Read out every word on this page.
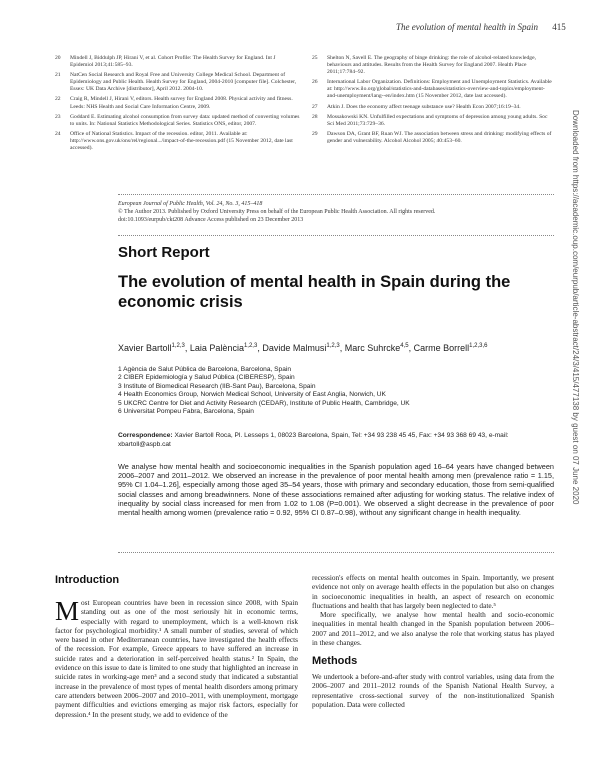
The evolution of mental health in Spain 415
Downloaded from https://academic.oup.com/eurpub/article-abstract/24/3/415/477138 by guest on 07 June 2020
20	Mindell J, Biddulph JP, Hirani V, et al. Cohort Profile: The Health Survey for England. Int J Epidemiol 2013;41:585–93.
21	NatCen Social Research and Royal Free and University College Medical School. Department of Epidemiology and Public Health. Health Survey for England, 2004-2010 [computer file]. Colchester, Essex: UK Data Archive [distributor], April 2012. 2004-10.
22	Craig R, Mindell J, Hirani V, editors. Health survey for England 2008. Physical activity and fitness. Leeds: NHS Health and Social Care Information Centre, 2009.
23	Goddard E. Estimating alcohol consumption from survey data: updated method of converting volumes to units. In: National Statistics Methodological Series. Statistics ONS, editor, 2007.
24	Office of National Statistics. Impact of the recession. editor, 2011. Available at: http://www.ons.gov.uk/ons/rel/regional.../impact-of-the-recession.pdf (15 November 2012, date last accessed).
25	Shelton N, Savell E. The geography of binge drinking: the role of alcohol-related knowledge, behaviours and attitudes. Results from the Health Survey for England 2007. Health Place 2011;17:784–92.
26	International Labor Organization. Definitions: Employment and Unemployment Statistics. Available at: http://www.ilo.org/global/statistics-and-databases/statistics-overview-and-topics/employment-and-unemployment/lang--en/index.htm (15 November 2012, date last accessed).
27	Atkin J. Does the economy affect teenage substance use? Health Econ 2007;16:19–34.
28	Mossakowski KN. Unfulfilled expectations and symptoms of depression among young adults. Soc Sci Med 2011;73:729–36.
29	Dawson DA, Grant BF, Ruan WJ. The association between stress and drinking: modifying effects of gender and vulnerability. Alcohol Alcohol 2005; 40:453–60.
European Journal of Public Health, Vol. 24, No. 3, 415–418
© The Author 2013. Published by Oxford University Press on behalf of the European Public Health Association. All rights reserved.
doi:10.1093/eurpub/ckt208 Advance Access published on 23 December 2013
Short Report
The evolution of mental health in Spain during the economic crisis
Xavier Bartoll$^{1,2,3}$, Laia Palència$^{1,2,3}$, Davide Malmusi$^{1,2,3}$, Marc Suhrcke$^{4,5}$, Carme Borrell$^{1,2,3,6}$
1 Agència de Salut Pública de Barcelona, Barcelona, Spain
2 CIBER Epidemiología y Salud Pública (CIBERESP), Spain
3 Institute of Biomedical Research (IIB-Sant Pau), Barcelona, Spain
4 Health Economics Group, Norwich Medical School, University of East Anglia, Norwich, UK
5 UKCRC Centre for Diet and Activity Research (CEDAR), Institute of Public Health, Cambridge, UK
6 Universitat Pompeu Fabra, Barcelona, Spain
Correspondence: Xavier Bartoll Roca, Pl. Lesseps 1, 08023 Barcelona, Spain, Tel: +34 93 238 45 45, Fax: +34 93 368 69 43, e-mail: xbartoll@aspb.cat
We analyse how mental health and socioeconomic inequalities in the Spanish population aged 16–64 years have changed between 2006–2007 and 2011–2012. We observed an increase in the prevalence of poor mental health among men (prevalence ratio = 1.15, 95% CI 1.04–1.26], especially among those aged 35–54 years, those with primary and secondary education, those from semi-qualified social classes and among breadwinners. None of these associations remained after adjusting for working status. The relative index of inequality by social class increased for men from 1.02 to 1.08 (P=0.001). We observed a slight decrease in the prevalence of poor mental health among women (prevalence ratio = 0.92, 95% CI 0.87–0.98), without any significant change in health inequality.
Introduction

Most European countries have been in recession since 2008, with Spain standing out as one of the most seriously hit in economic terms, especially with regard to unemployment, which is a well-known risk factor for psychological morbidity.¹ A small number of studies, several of which were based in other Mediterranean countries, have investigated the health effects of the recession. For example, Greece appears to have suffered an increase in suicide rates and a deterioration in self-perceived health status.² In Spain, the evidence on this issue to date is limited to one study that highlighted an increase in suicide rates in working-age men³ and a second study that indicated a substantial increase in the prevalence of most types of mental health disorders among primary care attenders between 2006–2007 and 2010–2011, with unemployment, mortgage payment difficulties and evictions emerging as major risk factors, especially for depression.⁴ In the present study, we add to evidence of the

recession's effects on mental health outcomes in Spain. Importantly, we present evidence not only on average health effects in the population but also on changes in socioeconomic inequalities in health, an aspect of research on economic fluctuations and health that has largely been neglected to date.⁵

More specifically, we analyse how mental health and socio-economic inequalities in mental health changed in the Spanish population between 2006–2007 and 2011–2012, and we also analyse the role that working status has played in these changes.

Methods

We undertook a before-and-after study with control variables, using data from the 2006–2007 and 2011–2012 rounds of the Spanish National Health Survey, a representative cross-sectional survey of the non-institutionalized Spanish population. Data were collected
